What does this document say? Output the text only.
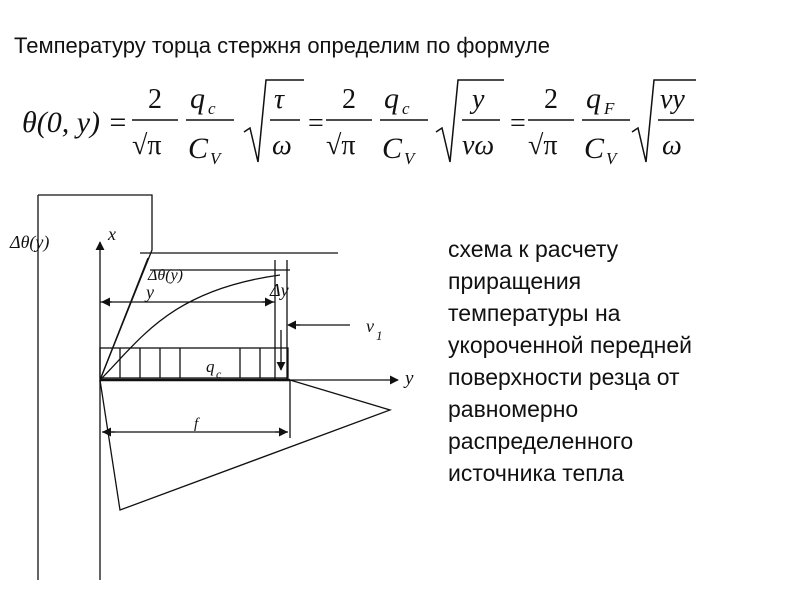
Температуру торца стержня определим по формуле
θ(0, y) =
2
√π
q c
C V
τ
ω
=
2
√π
q c
C V
y
νω
=
2
√π
q F
C V
νy
ω
Δθ(y)	x
Δθ(y)
y	Δy
v 1
q c	y
f
схема к расчету
приращения
температуры на
укороченной передней
поверхности резца от
равномерно
распределенного
источника тепла
